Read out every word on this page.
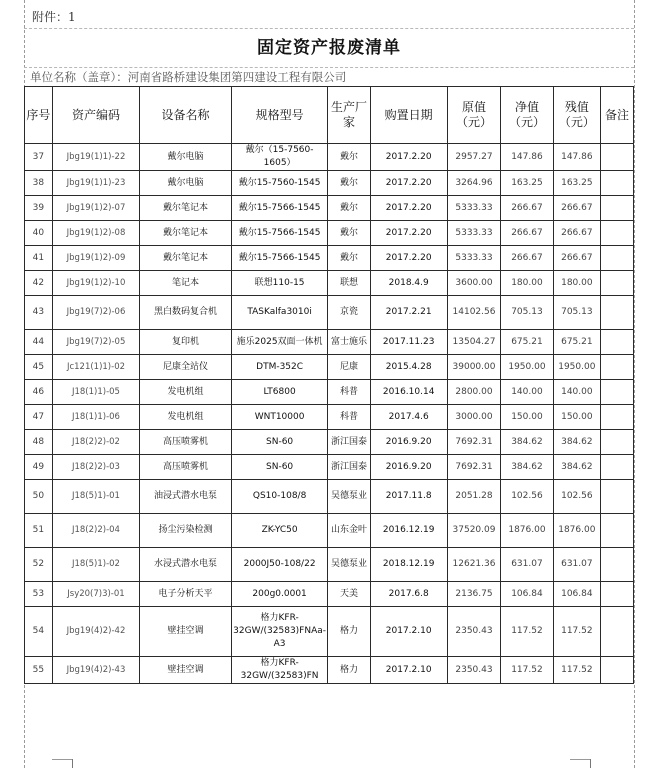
附件：1
固定资产报废清单
单位名称（盖章）：河南省路桥建设集团第四建设工程有限公司
序号	资产编码	设备名称	规格型号	生产厂家	购置日期	原值（元）	净值（元）	残值（元）	备注
37	Jbg19(1)1)-22	戴尔电脑	戴尔（15-7560-1605）	戴尔	2017.2.20	2957.27	147.86	147.86	
38	Jbg19(1)1)-23	戴尔电脑	戴尔15-7560-1545	戴尔	2017.2.20	3264.96	163.25	163.25	
39	Jbg19(1)2)-07	戴尔笔记本	戴尔15-7566-1545	戴尔	2017.2.20	5333.33	266.67	266.67	
40	Jbg19(1)2)-08	戴尔笔记本	戴尔15-7566-1545	戴尔	2017.2.20	5333.33	266.67	266.67	
41	Jbg19(1)2)-09	戴尔笔记本	戴尔15-7566-1545	戴尔	2017.2.20	5333.33	266.67	266.67	
42	Jbg19(1)2)-10	笔记本	联想110-15	联想	2018.4.9	3600.00	180.00	180.00	
43	Jbg19(7)2)-06	黑白数码复合机	TASKalfa3010i	京瓷	2017.2.21	14102.56	705.13	705.13	
44	Jbg19(7)2)-05	复印机	施乐2025双面一体机	富士施乐	2017.11.23	13504.27	675.21	675.21	
45	Jc121(1)1)-02	尼康全站仪	DTM-352C	尼康	2015.4.28	39000.00	1950.00	1950.00	
46	J18(1)1)-05	发电机组	LT6800	科普	2016.10.14	2800.00	140.00	140.00	
47	J18(1)1)-06	发电机组	WNT10000	科普	2017.4.6	3000.00	150.00	150.00	
48	J18(2)2)-02	高压喷雾机	SN-60	浙江国泰	2016.9.20	7692.31	384.62	384.62	
49	J18(2)2)-03	高压喷雾机	SN-60	浙江国泰	2016.9.20	7692.31	384.62	384.62	
50	J18(5)1)-01	油浸式潜水电泵	QS10-108/8	吴德泵业	2017.11.8	2051.28	102.56	102.56	
51	J18(2)2)-04	扬尘污染检测	ZK-YC50	山东金叶	2016.12.19	37520.09	1876.00	1876.00	
52	J18(5)1)-02	水浸式潜水电泵	2000J50-108/22	吴德泵业	2018.12.19	12621.36	631.07	631.07	
53	Jsy20(7)3)-01	电子分析天平	200g0.0001	天美	2017.6.8	2136.75	106.84	106.84	
54	Jbg19(4)2)-42	壁挂空调	格力KFR-32GW/(32583)FNAa-A3	格力	2017.2.10	2350.43	117.52	117.52	
55	Jbg19(4)2)-43	壁挂空调	格力KFR-32GW/(32583)FN	格力	2017.2.10	2350.43	117.52	117.52	
